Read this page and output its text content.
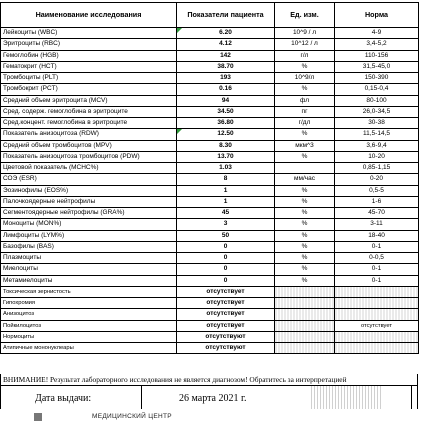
Наименование исследования	Показатели пациента	Ед. изм.	Норма
Лейкоциты (WBC)	6.20	10^9 / л	4-9
Эритроциты (RBC)	4.12	10^12 / л	3,4-5,2
Гемоглобин (HGB)	142	г/л	110-156
Гематокрит (HCT)	38.70	%	31,5-45,0
Тромбоциты (PLT)	193	10^9/л	150-390
Тромбокрит (PCT)	0.16	%	0,15-0,4
Средний объем эритроцита (MCV)	94	фл	80-100
Сред. содерж. гемоглобина в эритроците	34.50	пг	26,0-34,5
Сред.концент. гемоглобина в эритроците	36.80	г/дл	30-38
Показатель анизоцитоза (RDW)	12.50	%	11,5-14,5
Средний объем тромбоцитов (MPV)	8.30	мкм^3	3,6-9,4
Показатель анизоцитоза тромбоцитов (PDW)	13.70	%	10-20
Цветовой показатель (MCHC%)	1.03		0,85-1,15
СОЭ (ESR)	8	мм/час	0-20
Эозинофилы (EOS%)	1	%	0,5-5
Палочкоядерные нейтрофилы	1	%	1-6
Сегментоядерные нейтрофилы (GRA%)	45	%	45-70
Моноциты (MON%)	3	%	3-11
Лимфоциты (LYM%)	50	%	18-40
Базофилы (BAS)	0	%	0-1
Плазмоциты	0	%	0-0,5
Миелоциты	0	%	0-1
Метамиелоциты	0	%	0-1
Токсическая зернистость	отсутствует		
Гипохромия	отсутствует		
Анизоцитоз	отсутствует		
Пойкилоцитоз	отсутствует		отсутствует
Нормоциты	отсутствуют		
Атипичные мононуклеары	отсутствуют		
ВНИМАНИЕ! Результат лабораторного исследования не является диагнозом! Обратитесь за интерпретацией
Дата выдачи:	26 марта 2021 г.
МЕДИЦИНСКИЙ ЦЕНТР
